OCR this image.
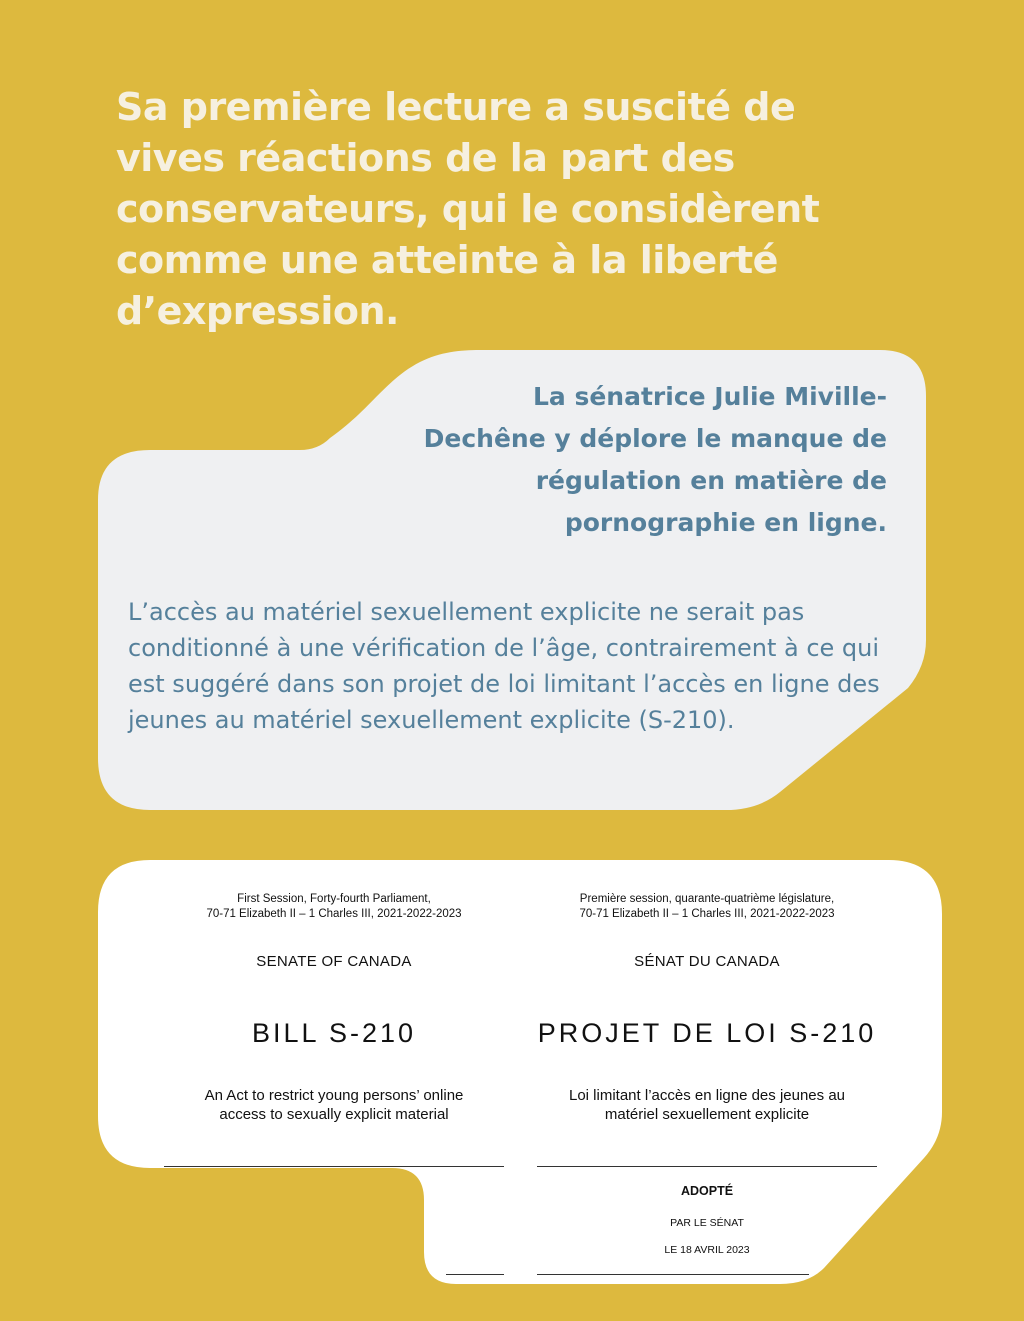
Sa première lecture a suscité de vives réactions de la part des conservateurs, qui le considèrent comme une atteinte à la liberté d’expression.

La sénatrice Julie Miville-Dechêne y déplore le manque de régulation en matière de pornographie en ligne.

L’accès au matériel sexuellement explicite ne serait pas conditionné à une vérification de l’âge, contrairement à ce qui est suggéré dans son projet de loi limitant l’accès en ligne des jeunes au matériel sexuellement explicite (S-210).

First Session, Forty-fourth Parliament,
70-71 Elizabeth II – 1 Charles III, 2021-2022-2023
Première session, quarante-quatrième législature,
70-71 Elizabeth II – 1 Charles III, 2021-2022-2023
SENATE OF CANADA	SÉNAT DU CANADA
BILL S-210	PROJET DE LOI S-210
An Act to restrict young persons’ online
access to sexually explicit material
Loi limitant l’accès en ligne des jeunes au
matériel sexuellement explicite
ADOPTÉ
PAR LE SÉNAT
LE 18 AVRIL 2023
